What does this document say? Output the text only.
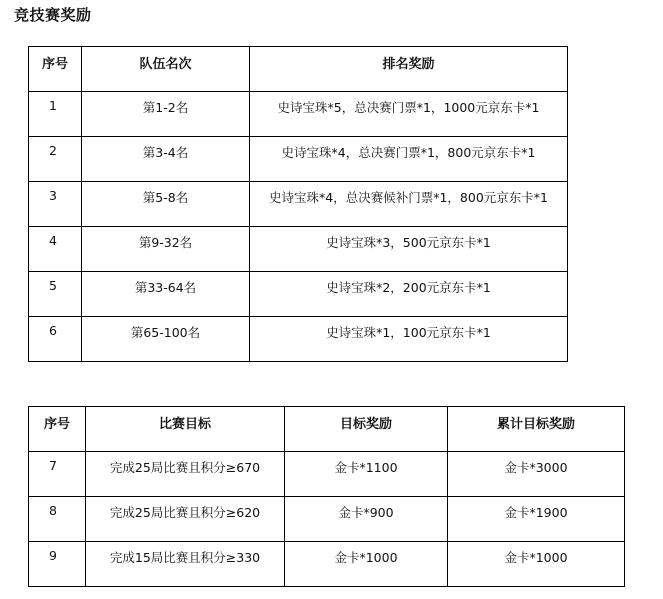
竞技赛奖励
序号	队伍名次	排名奖励
1	第1-2名	史诗宝珠*5，总决赛门票*1，1000元京东卡*1
2	第3-4名	史诗宝珠*4，总决赛门票*1，800元京东卡*1
3	第5-8名	史诗宝珠*4，总决赛候补门票*1，800元京东卡*1
4	第9-32名	史诗宝珠*3，500元京东卡*1
5	第33-64名	史诗宝珠*2，200元京东卡*1
6	第65-100名	史诗宝珠*1，100元京东卡*1
序号	比赛目标	目标奖励	累计目标奖励
7	完成25局比赛且积分≥670	金卡*1100	金卡*3000
8	完成25局比赛且积分≥620	金卡*900	金卡*1900
9	完成15局比赛且积分≥330	金卡*1000	金卡*1000
